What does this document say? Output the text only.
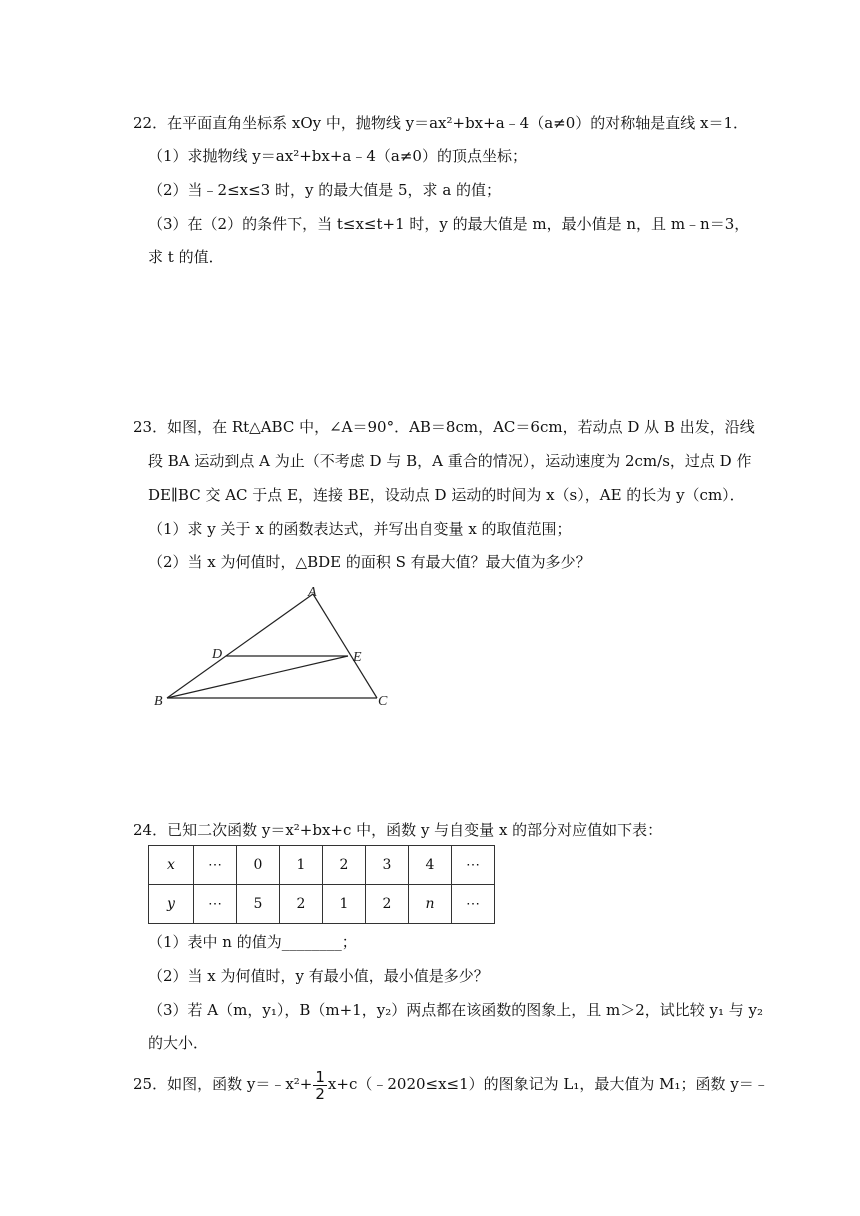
22．在平面直角坐标系 xOy 中，抛物线 y＝ax²+bx+a﹣4（a≠0）的对称轴是直线 x＝1．
（1）求抛物线 y＝ax²+bx+a﹣4（a≠0）的顶点坐标；
（2）当﹣2≤x≤3 时，y 的最大值是 5，求 a 的值；
（3）在（2）的条件下，当 t≤x≤t+1 时，y 的最大值是 m，最小值是 n，且 m﹣n＝3，
求 t 的值．
23．如图，在 Rt△ABC 中，∠A＝90°．AB＝8cm，AC＝6cm，若动点 D 从 B 出发，沿线
段 BA 运动到点 A 为止（不考虑 D 与 B，A 重合的情况），运动速度为 2cm/s，过点 D 作
DE∥BC 交 AC 于点 E，连接 BE，设动点 D 运动的时间为 x（s），AE 的长为 y（cm）．
（1）求 y 关于 x 的函数表达式，并写出自变量 x 的取值范围；
（2）当 x 为何值时，△BDE 的面积 S 有最大值？最大值为多少？
A
B	C
D	E
24．已知二次函数 y＝x²+bx+c 中，函数 y 与自变量 x 的部分对应值如下表：
x	⋯	0	1	2	3	4	⋯
y	⋯	5	2	1	2	n	⋯
（1）表中 n 的值为________；
（2）当 x 为何值时，y 有最小值，最小值是多少？
（3）若 A（m，y₁），B（m+1，y₂）两点都在该函数的图象上，且 m＞2，试比较 y₁ 与 y₂
的大小．
25．如图，函数 y＝﹣x²+ $\frac{1}{2}$ x+c（﹣2020≤x≤1）的图象记为 L₁，最大值为 M₁；函数 y＝﹣
